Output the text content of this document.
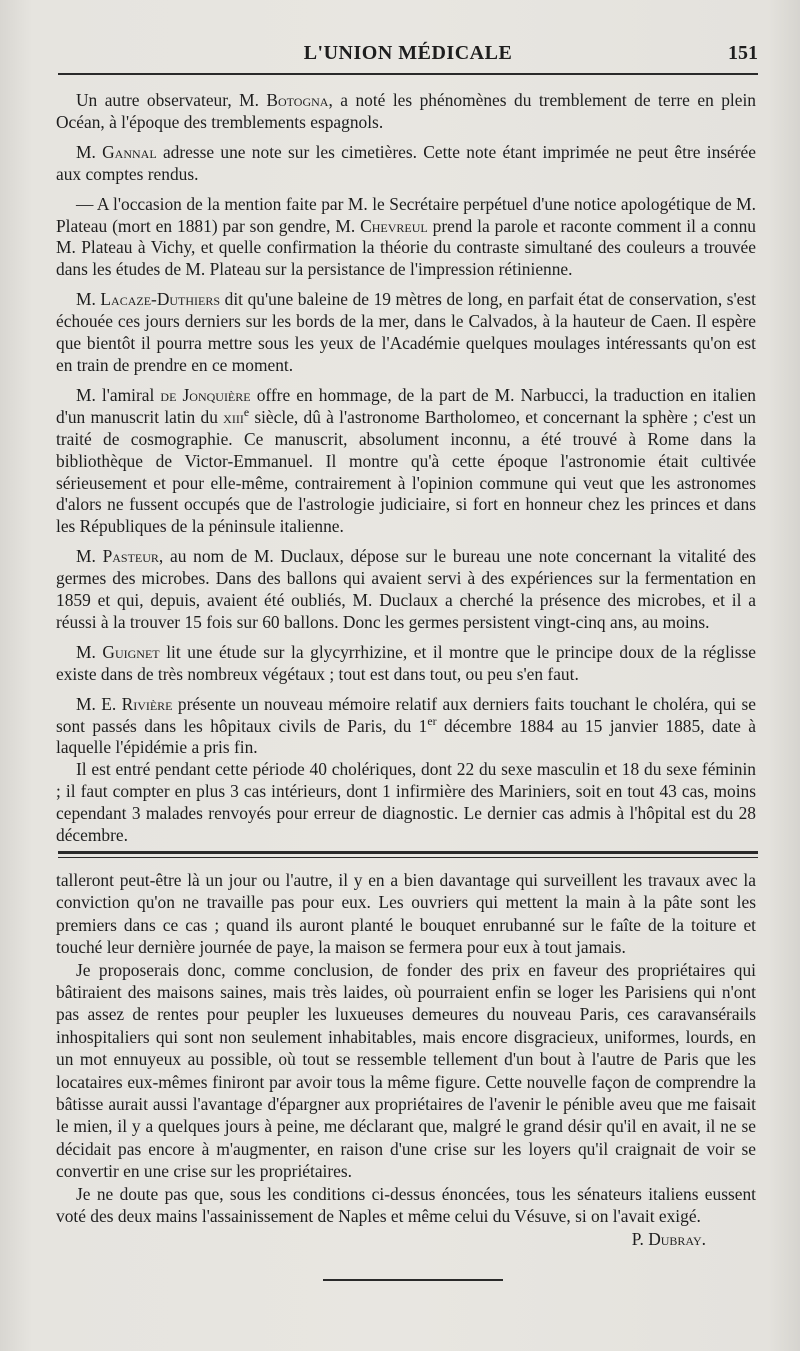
L'UNION MÉDICALE	151

Un autre observateur, M. Botogna, a noté les phénomènes du tremblement de terre en plein Océan, à l'époque des tremblements espagnols.

M. Gannal adresse une note sur les cimetières. Cette note étant imprimée ne peut être insérée aux comptes rendus.

— A l'occasion de la mention faite par M. le Secrétaire perpétuel d'une notice apologétique de M. Plateau (mort en 1881) par son gendre, M. Chevreul prend la parole et raconte comment il a connu M. Plateau à Vichy, et quelle confirmation la théorie du contraste simultané des couleurs a trouvée dans les études de M. Plateau sur la persistance de l'impression rétinienne.

M. Lacaze-Duthiers dit qu'une baleine de 19 mètres de long, en parfait état de conservation, s'est échouée ces jours derniers sur les bords de la mer, dans le Calvados, à la hauteur de Caen. Il espère que bientôt il pourra mettre sous les yeux de l'Académie quelques moulages intéressants qu'on est en train de prendre en ce moment.

M. l'amiral de Jonquière offre en hommage, de la part de M. Narbucci, la traduction en italien d'un manuscrit latin du xiii$^e$ siècle, dû à l'astronome Bartholomeo, et concernant la sphère ; c'est un traité de cosmographie. Ce manuscrit, absolument inconnu, a été trouvé à Rome dans la bibliothèque de Victor-Emmanuel. Il montre qu'à cette époque l'astronomie était cultivée sérieusement et pour elle-même, contrairement à l'opinion commune qui veut que les astronomes d'alors ne fussent occupés que de l'astrologie judiciaire, si fort en honneur chez les princes et dans les Républiques de la péninsule italienne.

M. Pasteur, au nom de M. Duclaux, dépose sur le bureau une note concernant la vitalité des germes des microbes. Dans des ballons qui avaient servi à des expériences sur la fermentation en 1859 et qui, depuis, avaient été oubliés, M. Duclaux a cherché la présence des microbes, et il a réussi à la trouver 15 fois sur 60 ballons. Donc les germes persistent vingt-cinq ans, au moins.

M. Guignet lit une étude sur la glycyrrhizine, et il montre que le principe doux de la réglisse existe dans de très nombreux végétaux ; tout est dans tout, ou peu s'en faut.

M. E. Rivière présente un nouveau mémoire relatif aux derniers faits touchant le choléra, qui se sont passés dans les hôpitaux civils de Paris, du 1er décembre 1884 au 15 janvier 1885, date à laquelle l'épidémie a pris fin.

Il est entré pendant cette période 40 cholériques, dont 22 du sexe masculin et 18 du sexe féminin ; il faut compter en plus 3 cas intérieurs, dont 1 infirmière des Mariniers, soit en tout 43 cas, moins cependant 3 malades renvoyés pour erreur de diagnostic. Le dernier cas admis à l'hôpital est du 28 décembre.

talleront peut-être là un jour ou l'autre, il y en a bien davantage qui surveillent les travaux avec la conviction qu'on ne travaille pas pour eux. Les ouvriers qui mettent la main à la pâte sont les premiers dans ce cas ; quand ils auront planté le bouquet enrubanné sur le faîte de la toiture et touché leur dernière journée de paye, la maison se fermera pour eux à tout jamais.

Je proposerais donc, comme conclusion, de fonder des prix en faveur des propriétaires qui bâtiraient des maisons saines, mais très laides, où pourraient enfin se loger les Parisiens qui n'ont pas assez de rentes pour peupler les luxueuses demeures du nouveau Paris, ces caravansérails inhospitaliers qui sont non seulement inhabitables, mais encore disgracieux, uniformes, lourds, en un mot ennuyeux au possible, où tout se ressemble tellement d'un bout à l'autre de Paris que les locataires eux-mêmes finiront par avoir tous la même figure. Cette nouvelle façon de comprendre la bâtisse aurait aussi l'avantage d'épargner aux propriétaires de l'avenir le pénible aveu que me faisait le mien, il y a quelques jours à peine, me déclarant que, malgré le grand désir qu'il en avait, il ne se décidait pas encore à m'augmenter, en raison d'une crise sur les loyers qu'il craignait de voir se convertir en une crise sur les propriétaires.

Je ne doute pas que, sous les conditions ci-dessus énoncées, tous les sénateurs italiens eussent voté des deux mains l'assainissement de Naples et même celui du Vésuve, si on l'avait exigé.

P. Dubray.
